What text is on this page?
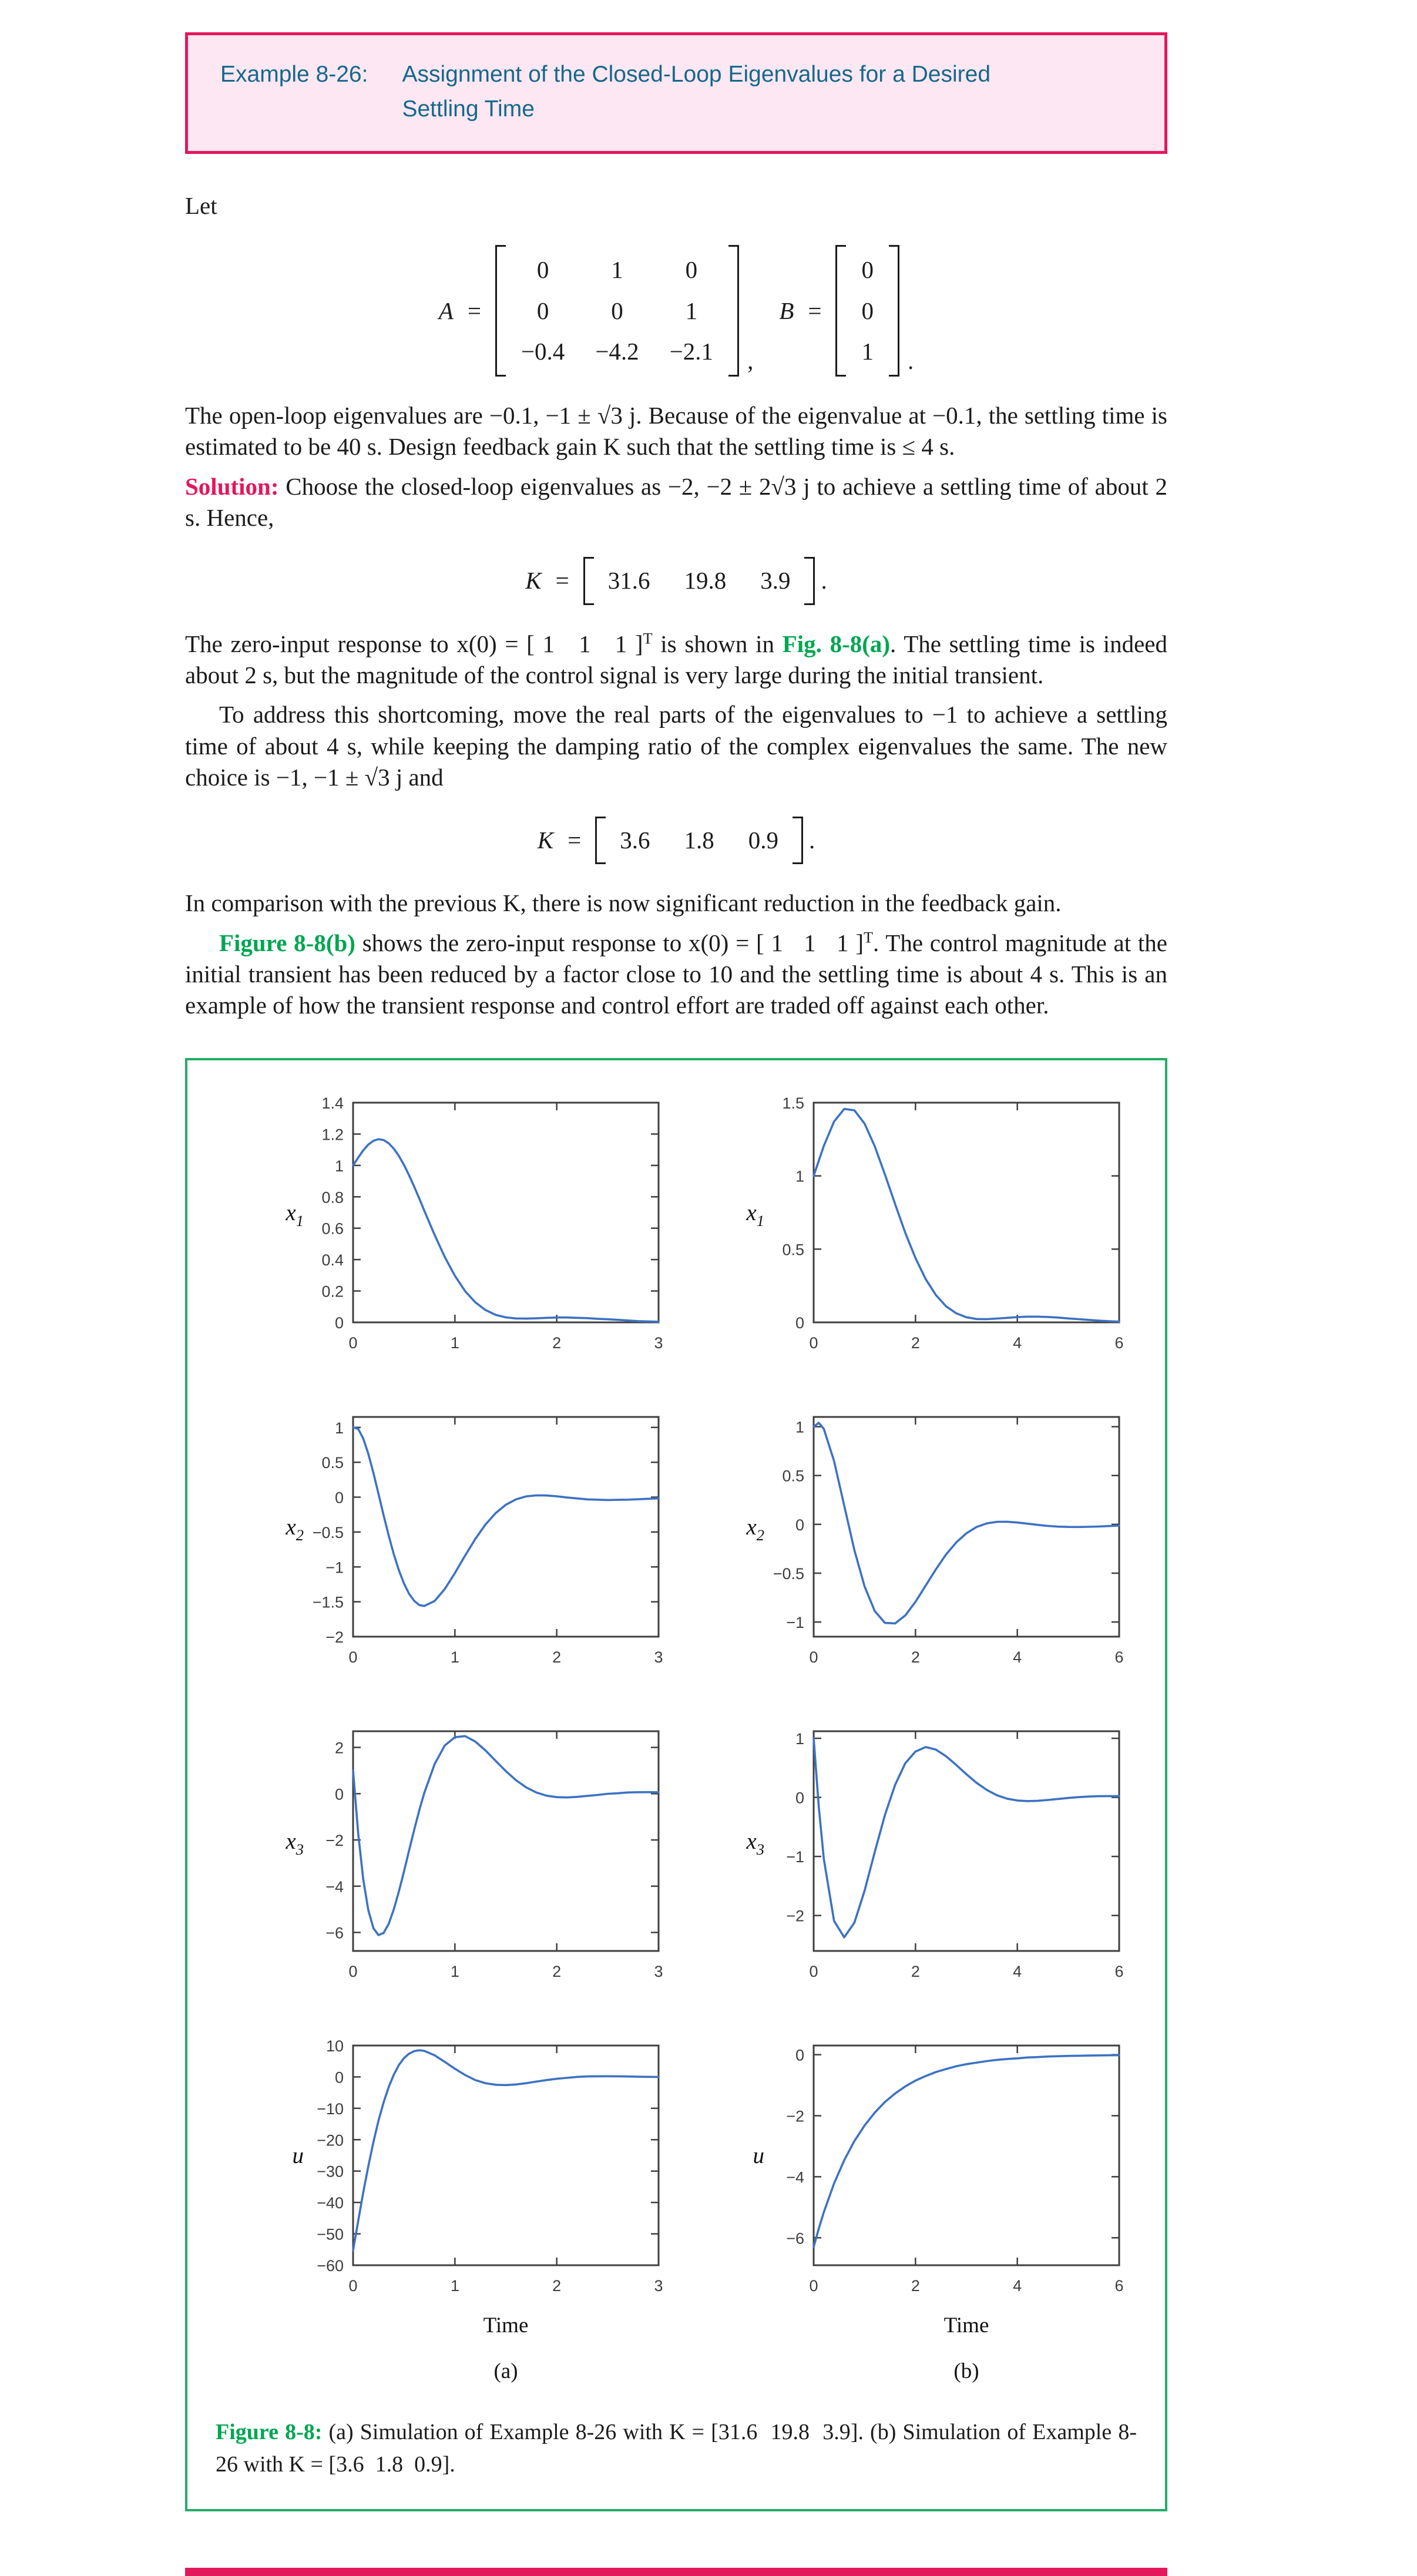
Example 8-26: Assignment of the Closed-Loop Eigenvalues for a Desired
Settling Time

Let

A =
0	1	0
0	0	1
−0.4 −4.2 −2.1 ,
B =
0
0
1 .

The open-loop eigenvalues are −0.1, −1 ± √3 j. Because of the eigenvalue at −0.1, the settling time is estimated to be 40 s. Design feedback gain K such that the settling time is ≤ 4 s.

Solution: Choose the closed-loop eigenvalues as −2, −2 ± 2√3 j to achieve a settling time of about 2 s. Hence,

K = 31.6 19.8 3.9 .

The zero-input response to x(0) = [ 1   1   1 ]$^T$ is shown in Fig. 8-8(a). The settling time is indeed about 2 s, but the magnitude of the control signal is very large during the initial transient.

To address this shortcoming, move the real parts of the eigenvalues to −1 to achieve a settling time of about 4 s, while keeping the damping ratio of the complex eigenvalues the same. The new choice is −1, −1 ± √3 j and

K = 3.6 1.8 0.9 .

In comparison with the previous K, there is now significant reduction in the feedback gain.

Figure 8-8(b) shows the zero-input response to x(0) = [ 1   1   1 ]$^T$. The control magnitude at the initial transient has been reduced by a factor close to 10 and the settling time is about 4 s. This is an example of how the transient response and control effort are traded off against each other.

0	1	2	3
0
0.2
0.4
0.6
0.8
1
1.2
1.4
$x_1$
0	2	4	6
0
0.5
1
1.5
$x_1$
0	1	2	3
−2
−1.5
−1
−0.5
0
0.5
1
$x_2$
0	2	4	6
−1
−0.5
0
0.5
1
$x_2$
0	1	2	3
−6
−4
−2
0
2
$x_3$
0	2	4	6
−2
−1
0
1
$x_3$
0	1	2	3
−60
−50
−40
−30
−20
−10
0
10
u
Time
(a)
0	2	4	6
−6
−4
−2
0
u
Time
(b)

Figure 8-8: (a) Simulation of Example 8-26 with K = [31.6  19.8  3.9]. (b) Simulation of Example 8-26 with K = [3.6  1.8  0.9].
